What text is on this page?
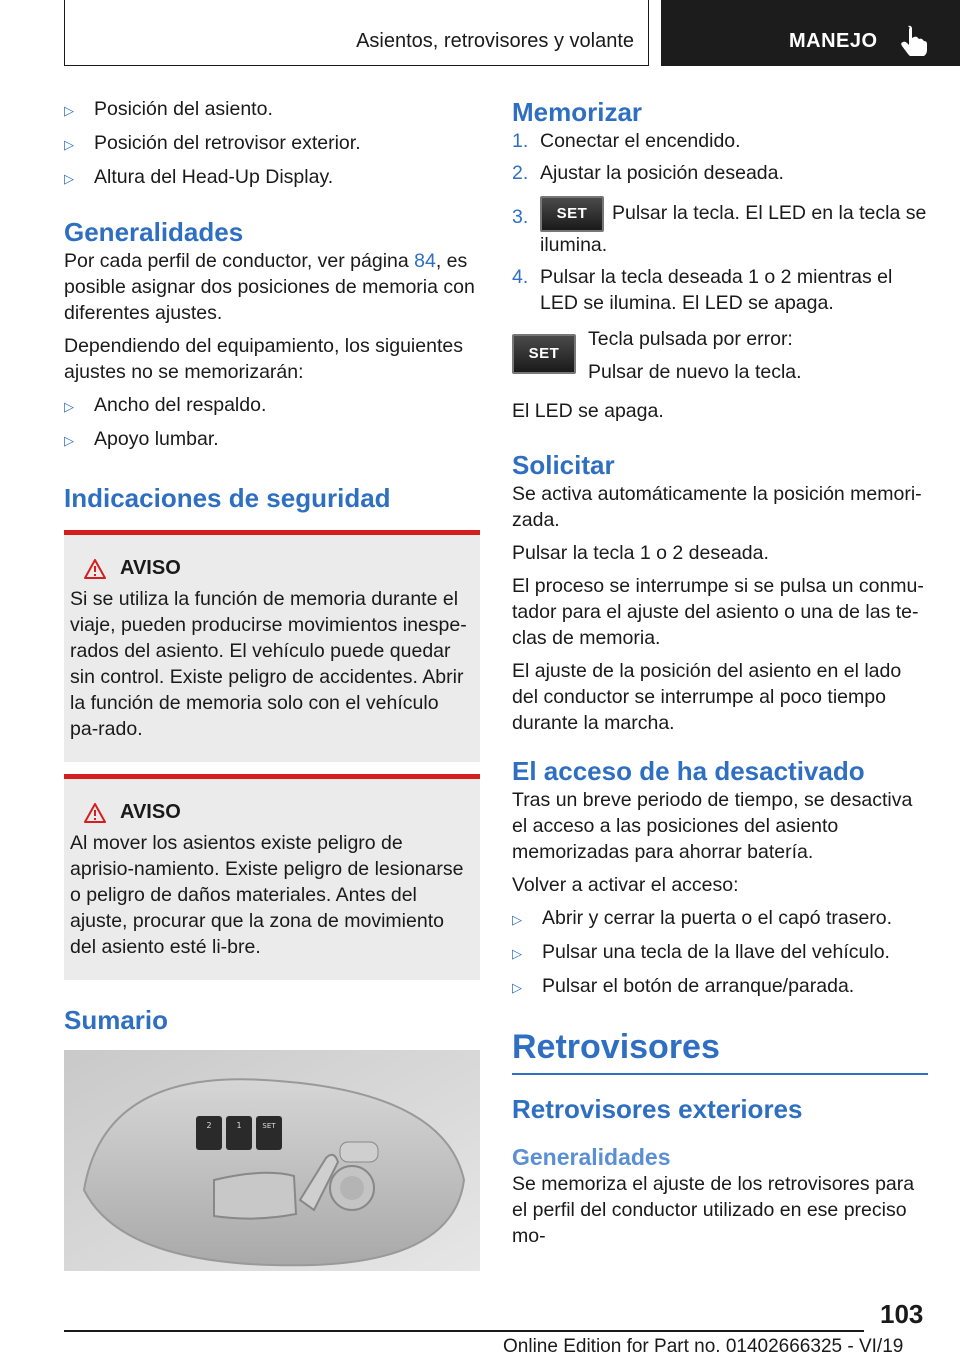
Asientos, retrovisores y volante	MANEJO
▷	Posición del asiento.
▷	Posición del retrovisor exterior.
▷	Altura del Head-Up Display.
Generalidades

Por cada perfil de conductor, ver página 84, es posible asignar dos posiciones de memoria con diferentes ajustes.

Dependiendo del equipamiento, los siguientes ajustes no se memorizarán:

▷	Ancho del respaldo.
▷	Apoyo lumbar.
Indicaciones de seguridad
AVISO

Si se utiliza la función de memoria durante el viaje, pueden producirse movimientos inespe-rados del asiento. El vehículo puede quedar sin control. Existe peligro de accidentes. Abrir la función de memoria solo con el vehículo pa-rado.

AVISO

Al mover los asientos existe peligro de aprisio-namiento. Existe peligro de lesionarse o peligro de daños materiales. Antes del ajuste, procurar que la zona de movimiento del asiento esté li-bre.

Sumario
2	1	SET
Memorizar
1. Conectar el encendido.
2. Ajustar la posición deseada.
3.	SET Pulsar la tecla. El LED en la tecla se ilumina.
4. Pulsar la tecla deseada 1 o 2 mientras el LED se ilumina. El LED se apaga.
SET

Tecla pulsada por error:

Pulsar de nuevo la tecla.

El LED se apaga.

Solicitar

Se activa automáticamente la posición memori-zada.

Pulsar la tecla 1 o 2 deseada.

El proceso se interrumpe si se pulsa un conmu-tador para el ajuste del asiento o una de las te-clas de memoria.

El ajuste de la posición del asiento en el lado del conductor se interrumpe al poco tiempo durante la marcha.

El acceso de ha desactivado

Tras un breve periodo de tiempo, se desactiva el acceso a las posiciones del asiento memorizadas para ahorrar batería.

Volver a activar el acceso:

▷	Abrir y cerrar la puerta o el capó trasero.
▷	Pulsar una tecla de la llave del vehículo.
▷	Pulsar el botón de arranque/parada.
Retrovisores
Retrovisores exteriores
Generalidades

Se memoriza el ajuste de los retrovisores para el perfil del conductor utilizado en ese preciso mo-

103
Online Edition for Part no. 01402666325 - VI/19
